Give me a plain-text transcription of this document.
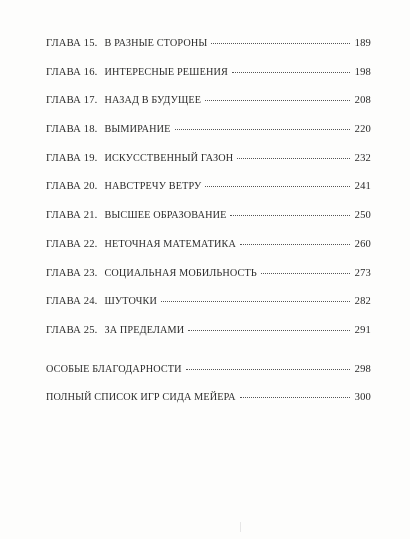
ГЛАВА 15. В РАЗНЫЕ СТОРОНЫ	189
ГЛАВА 16. ИНТЕРЕСНЫЕ РЕШЕНИЯ	198
ГЛАВА 17. НАЗАД В БУДУЩЕЕ	208
ГЛАВА 18. ВЫМИРАНИЕ	220
ГЛАВА 19. ИСКУССТВЕННЫЙ ГАЗОН	232
ГЛАВА 20. НАВСТРЕЧУ ВЕТРУ	241
ГЛАВА 21. ВЫСШЕЕ ОБРАЗОВАНИЕ	250
ГЛАВА 22. НЕТОЧНАЯ МАТЕМАТИКА	260
ГЛАВА 23. СОЦИАЛЬНАЯ МОБИЛЬНОСТЬ	273
ГЛАВА 24. ШУТОЧКИ	282
ГЛАВА 25. ЗА ПРЕДЕЛАМИ	291
ОСОБЫЕ БЛАГОДАРНОСТИ	298
ПОЛНЫЙ СПИСОК ИГР СИДА МЕЙЕРА	300
